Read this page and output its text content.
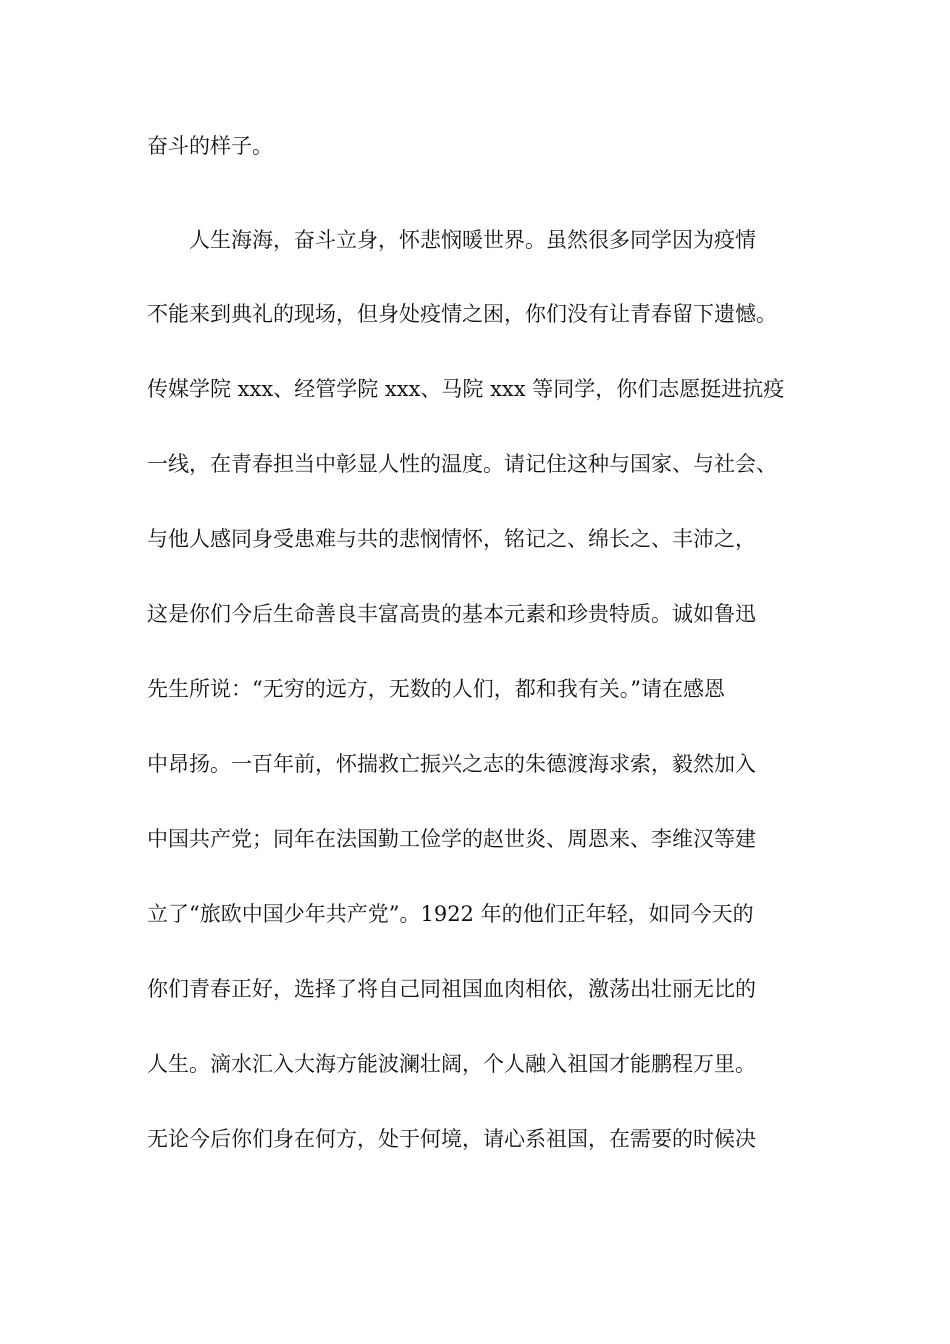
奋斗的样子。
人生海海，奋斗立身，怀悲悯暖世界。虽然很多同学因为疫情
不能来到典礼的现场，但身处疫情之困，你们没有让青春留下遗憾。
传媒学院 xxx、经管学院 xxx、马院 xxx 等同学，你们志愿挺进抗疫
一线，在青春担当中彰显人性的温度。请记住这种与国家、与社会、
与他人感同身受患难与共的悲悯情怀，铭记之、绵长之、丰沛之，
这是你们今后生命善良丰富高贵的基本元素和珍贵特质。诚如鲁迅
先生所说：“无穷的远方，无数的人们，都和我有关。”请在感恩
中昂扬。一百年前，怀揣救亡振兴之志的朱德渡海求索，毅然加入
中国共产党；同年在法国勤工俭学的赵世炎、周恩来、李维汉等建
立了“旅欧中国少年共产党”。1922 年的他们正年轻，如同今天的
你们青春正好，选择了将自己同祖国血肉相依，激荡出壮丽无比的
人生。滴水汇入大海方能波澜壮阔，个人融入祖国才能鹏程万里。
无论今后你们身在何方，处于何境，请心系祖国，在需要的时候决
